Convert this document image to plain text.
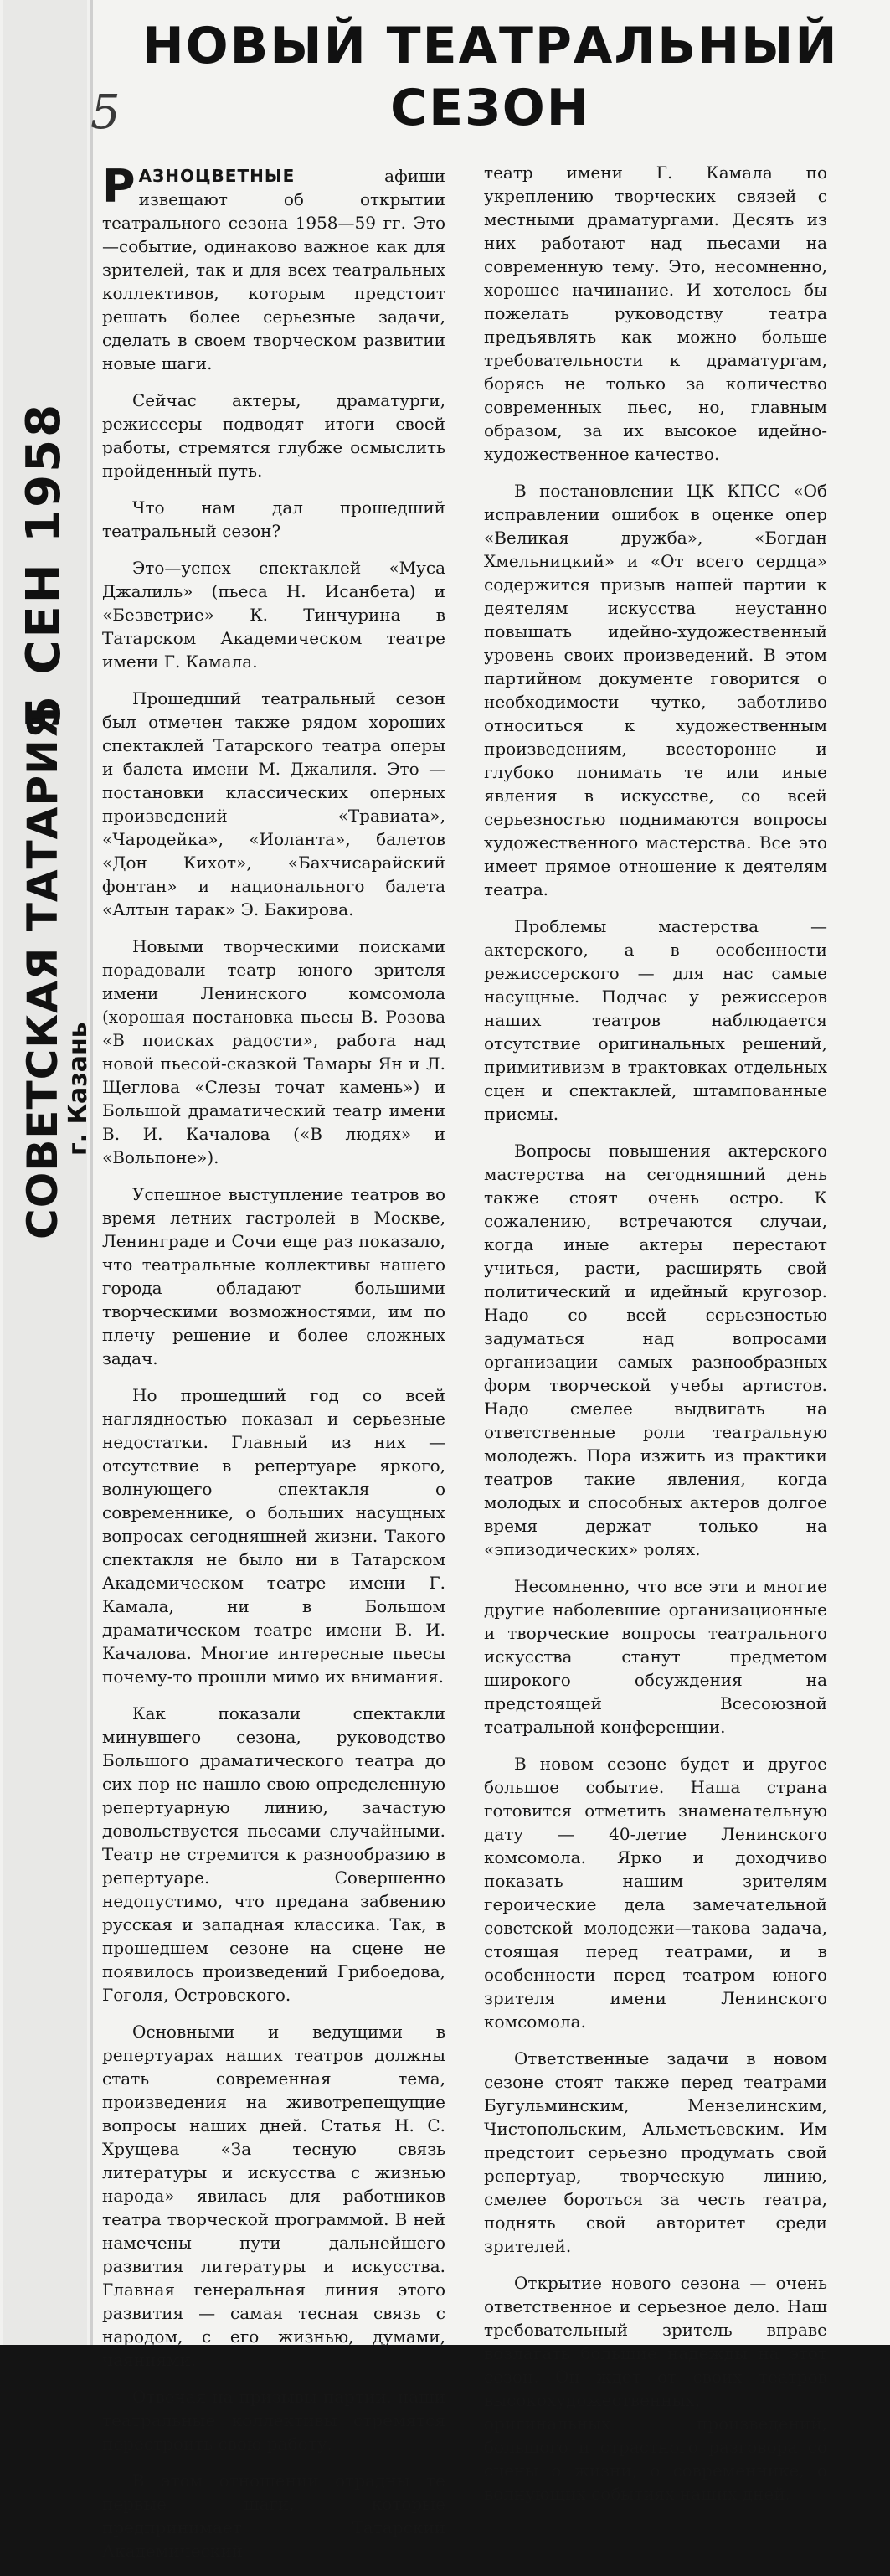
5 СЕН 1958
СОВЕТСКАЯ ТАТАРИЯ
г. Казань
НОВЫЙ ТЕАТРАЛЬНЫЙ
СЕЗОН
5

РАЗНОЦВЕТНЫЕ афиши извещают об открытии театрального сезона 1958—59 гг. Это—событие, одинаково важное как для зрителей, так и для всех театральных коллективов, которым предстоит решать более серьезные задачи, сделать в своем творческом развитии новые шаги.

Сейчас актеры, драматурги, режиссеры подводят итоги своей работы, стремятся глубже осмыслить пройденный путь.

Что нам дал прошедший театральный сезон?

Это—успех спектаклей «Муса Джалиль» (пьеса Н. Исанбета) и «Безветрие» К. Тинчурина в Татарском Академическом театре имени Г. Камала.

Прошедший театральный сезон был отмечен также рядом хороших спектаклей Татарского театра оперы и балета имени М. Джалиля. Это — постановки классических оперных произведений «Травиата», «Чародейка», «Иоланта», балетов «Дон Кихот», «Бахчисарайский фонтан» и национального балета «Алтын тарак» Э. Бакирова.

Новыми творческими поисками порадовали театр юного зрителя имени Ленинского комсомола (хорошая постановка пьесы В. Розова «В поисках радости», работа над новой пьесой-сказкой Тамары Ян и Л. Щеглова «Слезы точат камень») и Большой драматический театр имени В. И. Качалова («В людях» и «Вольпоне»).

Успешное выступление театров во время летних гастролей в Москве, Ленинграде и Сочи еще раз показало, что театральные коллективы нашего города обладают большими творческими возможностями, им по плечу решение и более сложных задач.

Но прошедший год со всей наглядностью показал и серьезные недостатки. Главный из них — отсутствие в репертуаре яркого, волнующего спектакля о современнике, о больших насущных вопросах сегодняшней жизни. Такого спектакля не было ни в Татарском Академическом театре имени Г. Камала, ни в Большом драматическом театре имени В. И. Качалова. Многие интересные пьесы почему-то прошли мимо их внимания.

Как показали спектакли минувшего сезона, руководство Большого драматического театра до сих пор не нашло свою определенную репертуарную линию, зачастую довольствуется пьесами случайными. Театр не стремится к разнообразию в репертуаре. Совершенно недопустимо, что предана забвению русская и западная классика. Так, в прошедшем сезоне на сцене не появилось произведений Грибоедова, Гоголя, Островского.

Основными и ведущими в репертуарах наших театров должны стать современная тема, произведения на животрепещущие вопросы наших дней. Статья Н. С. Хрущева «За тесную связь литературы и искусства с жизнью народа» явилась для работников театра творческой программой. В ней намечены пути дальнейшего развития литературы и искусства. Главная генеральная линия этого развития — самая тесная связь с народом, с его жизнью, думами, чаяниями.

Отвечая на призывы партии, наши театральные коллективы стремятся перестроить свою работу.

В этом отношении отрадны те первые шаги, которые предпринимает Татарский Академический

театр имени Г. Камала по укреплению творческих связей с местными драматургами. Десять из них работают над пьесами на современную тему. Это, несомненно, хорошее начинание. И хотелось бы пожелать руководству театра предъявлять как можно больше требовательности к драматургам, борясь не только за количество современных пьес, но, главным образом, за их высокое идейно-художественное качество.

В постановлении ЦК КПСС «Об исправлении ошибок в оценке опер «Великая дружба», «Богдан Хмельницкий» и «От всего сердца» содержится призыв нашей партии к деятелям искусства неустанно повышать идейно-художественный уровень своих произведений. В этом партийном документе говорится о необходимости чутко, заботливо относиться к художественным произведениям, всесторонне и глубоко понимать те или иные явления в искусстве, со всей серьезностью поднимаются вопросы художественного мастерства. Все это имеет прямое отношение к деятелям театра.

Проблемы мастерства — актерского, а в особенности режиссерского — для нас самые насущные. Подчас у режиссеров наших театров наблюдается отсутствие оригинальных решений, примитивизм в трактовках отдельных сцен и спектаклей, штампованные приемы.

Вопросы повышения актерского мастерства на сегодняшний день также стоят очень остро. К сожалению, встречаются случаи, когда иные актеры перестают учиться, расти, расширять свой политический и идейный кругозор. Надо со всей серьезностью задуматься над вопросами организации самых разнообразных форм творческой учебы артистов. Надо смелее выдвигать на ответственные роли театральную молодежь. Пора изжить из практики театров такие явления, когда молодых и способных актеров долгое время держат только на «эпизодических» ролях.

Несомненно, что все эти и многие другие наболевшие организационные и творческие вопросы театрального искусства станут предметом широкого обсуждения на предстоящей Всесоюзной театральной конференции.

В новом сезоне будет и другое большое событие. Наша страна готовится отметить знаменательную дату — 40-летие Ленинского комсомола. Ярко и доходчиво показать нашим зрителям героические дела замечательной советской молодежи—такова задача, стоящая перед театрами, и в особенности перед театром юного зрителя имени Ленинского комсомола.

Ответственные задачи в новом сезоне стоят также перед театрами Бугульминским, Мензелинским, Чистопольским, Альметьевским. Им предстоит серьезно продумать свой репертуар, творческую линию, смелее бороться за честь театра, поднять свой авторитет среди зрителей.

Открытие нового сезона — очень ответственное и серьезное дело. Наш требовательный зритель вправе возлагать большие надежды на этот сезон. Он ждет от своих театров высокохудожественных, оригинальных произведений, большого и страстного разговора со сцены о жизни, о современнике, о волнующих событиях наших дней.
